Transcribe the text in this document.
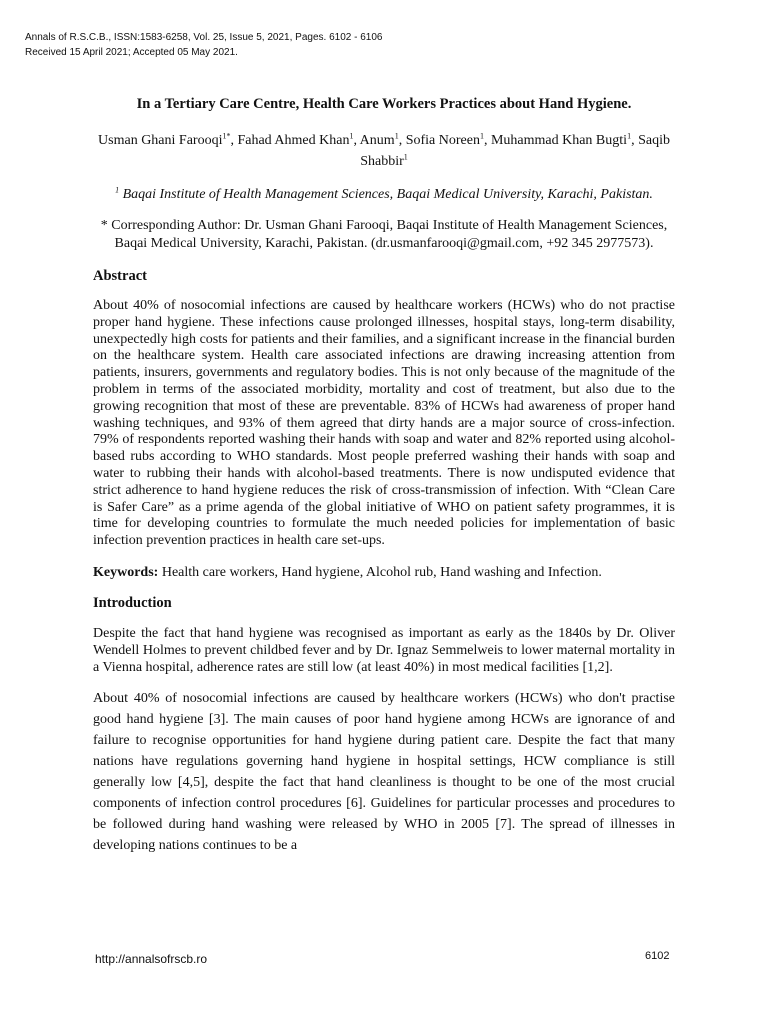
Annals of R.S.C.B., ISSN:1583-6258, Vol. 25, Issue 5, 2021, Pages. 6102 - 6106
Received 15 April 2021; Accepted 05 May 2021.
In a Tertiary Care Centre, Health Care Workers Practices about Hand Hygiene.
Usman Ghani Farooqi$^{1*}$, Fahad Ahmed Khan$^1$, Anum$^1$, Sofia Noreen$^1$, Muhammad Khan Bugti$^1$, Saqib Shabbir$^1$
$^1$ Baqai Institute of Health Management Sciences, Baqai Medical University, Karachi, Pakistan.
* Corresponding Author: Dr. Usman Ghani Farooqi, Baqai Institute of Health Management Sciences, Baqai Medical University, Karachi, Pakistan. (dr.usmanfarooqi@gmail.com, +92 345 2977573).
Abstract

About 40% of nosocomial infections are caused by healthcare workers (HCWs) who do not practise proper hand hygiene. These infections cause prolonged illnesses, hospital stays, long-term disability, unexpectedly high costs for patients and their families, and a significant increase in the financial burden on the healthcare system. Health care associated infections are drawing increasing attention from patients, insurers, governments and regulatory bodies. This is not only because of the magnitude of the problem in terms of the associated morbidity, mortality and cost of treatment, but also due to the growing recognition that most of these are preventable. 83% of HCWs had awareness of proper hand washing techniques, and 93% of them agreed that dirty hands are a major source of cross-infection. 79% of respondents reported washing their hands with soap and water and 82% reported using alcohol-based rubs according to WHO standards. Most people preferred washing their hands with soap and water to rubbing their hands with alcohol-based treatments. There is now undisputed evidence that strict adherence to hand hygiene reduces the risk of cross-transmission of infection. With “Clean Care is Safer Care” as a prime agenda of the global initiative of WHO on patient safety programmes, it is time for developing countries to formulate the much needed policies for implementation of basic infection prevention practices in health care set-ups.

Keywords: Health care workers, Hand hygiene, Alcohol rub, Hand washing and Infection.

Introduction

Despite the fact that hand hygiene was recognised as important as early as the 1840s by Dr. Oliver Wendell Holmes to prevent childbed fever and by Dr. Ignaz Semmelweis to lower maternal mortality in a Vienna hospital, adherence rates are still low (at least 40%) in most medical facilities [1,2].

About 40% of nosocomial infections are caused by healthcare workers (HCWs) who don't practise good hand hygiene [3]. The main causes of poor hand hygiene among HCWs are ignorance of and failure to recognise opportunities for hand hygiene during patient care. Despite the fact that many nations have regulations governing hand hygiene in hospital settings, HCW compliance is still generally low [4,5], despite the fact that hand cleanliness is thought to be one of the most crucial components of infection control procedures [6]. Guidelines for particular processes and procedures to be followed during hand washing were released by WHO in 2005 [7]. The spread of illnesses in developing nations continues to be a

http://annalsofrscb.ro	6102
